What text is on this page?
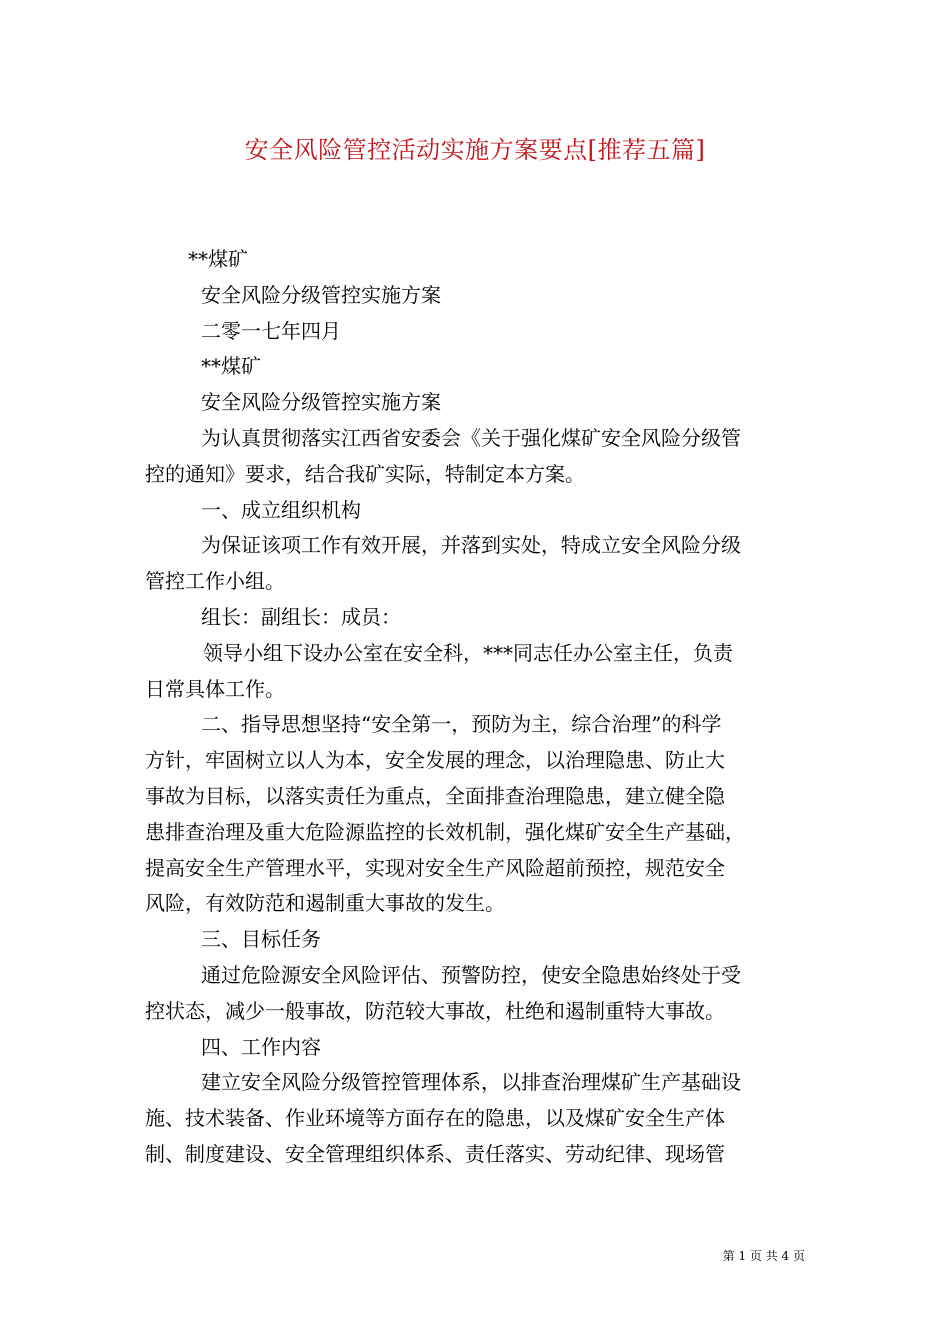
安全风险管控活动实施方案要点[推荐五篇]
**煤矿
安全风险分级管控实施方案
二零一七年四月
**煤矿
安全风险分级管控实施方案
为认真贯彻落实江西省安委会《关于强化煤矿安全风险分级管
控的通知》要求，结合我矿实际，特制定本方案。
一、成立组织机构
为保证该项工作有效开展，并落到实处，特成立安全风险分级
管控工作小组。
组长：副组长：成员：
领导小组下设办公室在安全科，***同志任办公室主任，负责
日常具体工作。
二、指导思想坚持“安全第一，预防为主，综合治理”的科学
方针，牢固树立以人为本，安全发展的理念，以治理隐患、防止大
事故为目标，以落实责任为重点，全面排查治理隐患，建立健全隐
患排查治理及重大危险源监控的长效机制，强化煤矿安全生产基础，
提高安全生产管理水平，实现对安全生产风险超前预控，规范安全
风险，有效防范和遏制重大事故的发生。
三、目标任务
通过危险源安全风险评估、预警防控，使安全隐患始终处于受
控状态，减少一般事故，防范较大事故，杜绝和遏制重特大事故。
四、工作内容
建立安全风险分级管控管理体系，以排查治理煤矿生产基础设
施、技术装备、作业环境等方面存在的隐患，以及煤矿安全生产体
制、制度建设、安全管理组织体系、责任落实、劳动纪律、现场管
第 1 页 共 4 页
